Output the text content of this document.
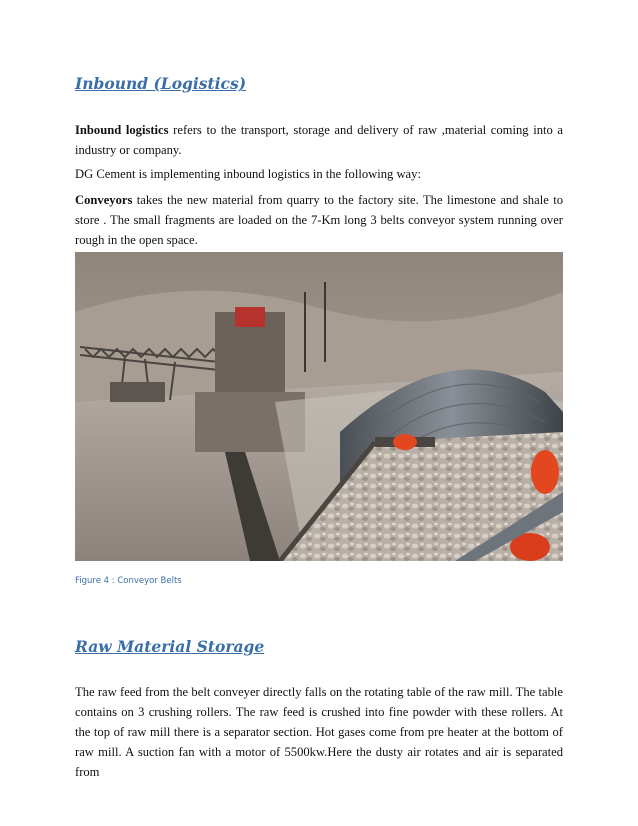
Inbound (Logistics)

Inbound logistics refers to the transport, storage and delivery of raw ,material coming into a industry or company.

DG Cement is implementing inbound logistics in the following way:

Conveyors takes the new material from quarry to the factory site. The limestone and shale to store . The small fragments are loaded on the 7-Km long 3 belts conveyor system running over rough in the open space.

Figure 4 : Conveyor Belts

Raw Material Storage

The raw feed from the belt conveyer directly falls on the rotating table of the raw mill. The table contains on 3 crushing rollers. The raw feed is crushed into fine powder with these rollers. At the top of raw mill there is a separator section. Hot gases come from pre heater at the bottom of raw mill. A suction fan with a motor of 5500kw.Here the dusty air rotates and air is separated from
